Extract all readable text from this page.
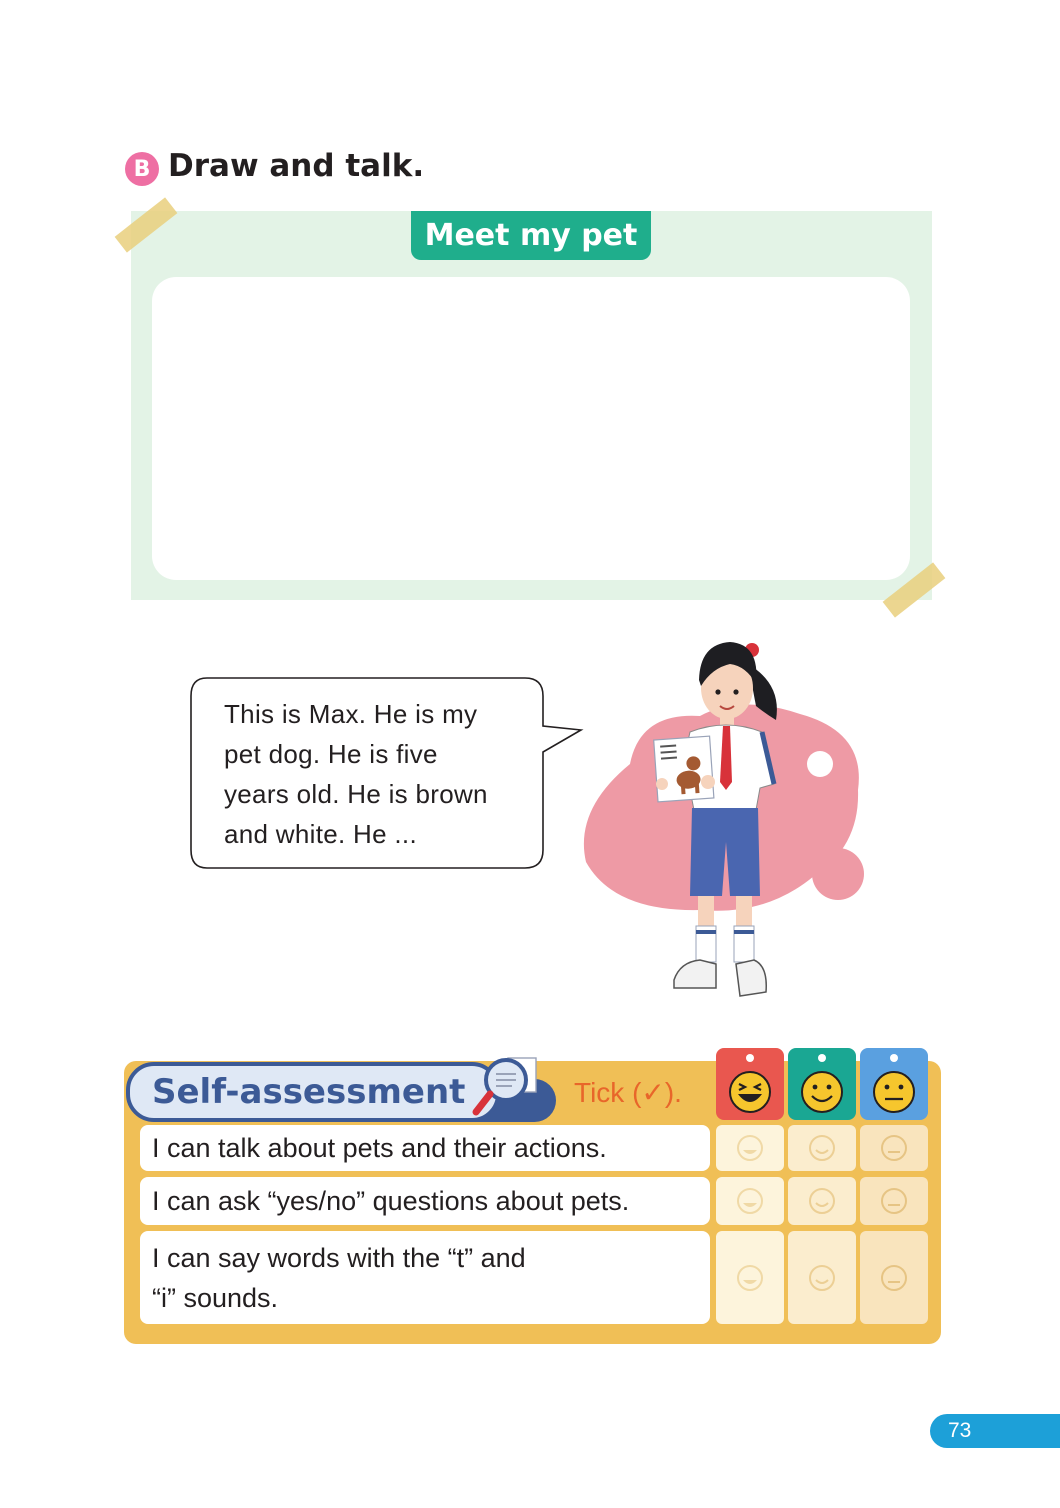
B Draw and talk.
Meet my pet
This is Max. He is my
pet dog. He is five
years old. He is brown
and white. He ...
Self-assessment	Tick (✓).
I can talk about pets and their actions.
I can ask “yes/no” questions about pets.
I can say words with the “t” and
“i” sounds.
73
